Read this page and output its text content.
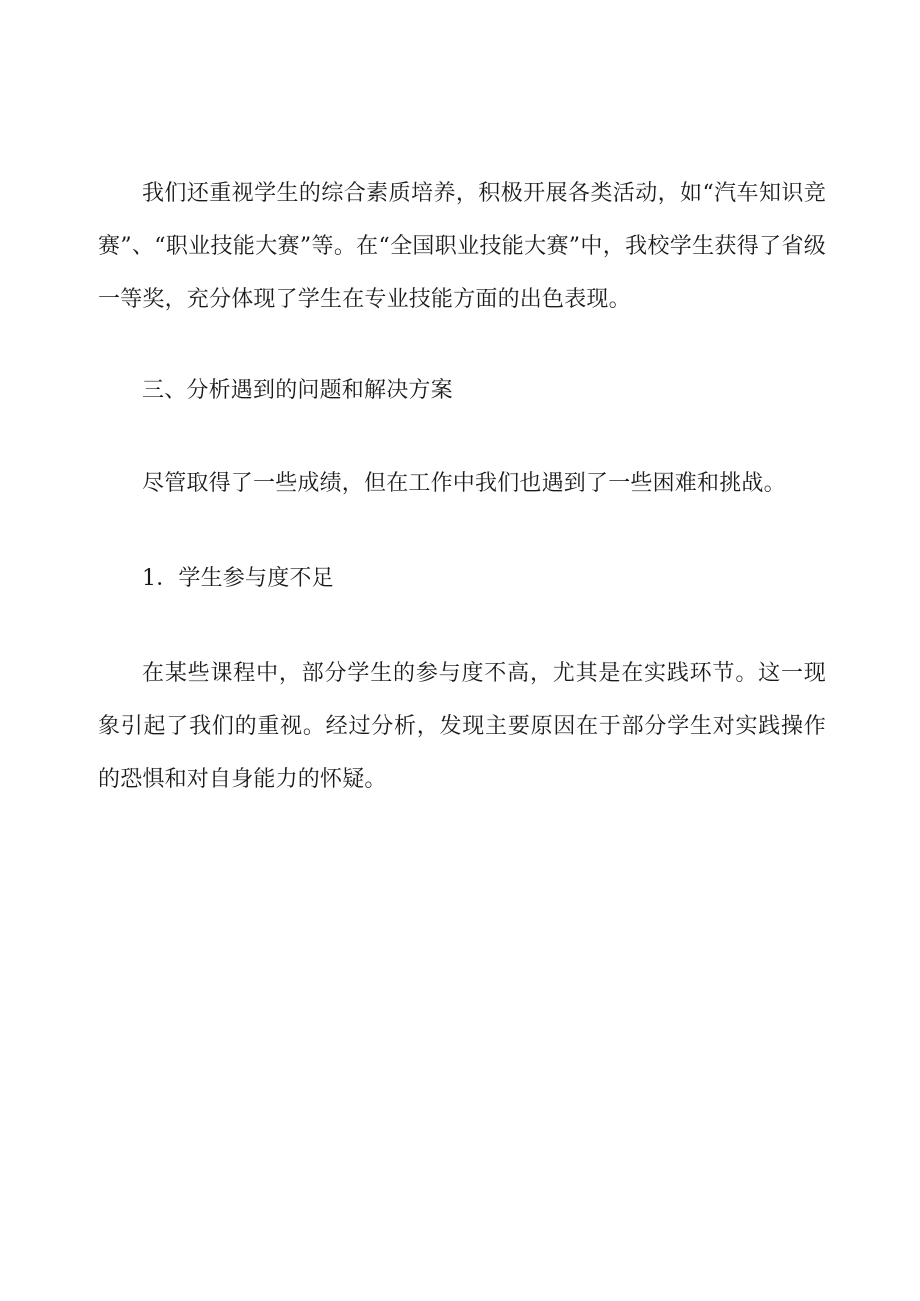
我们还重视学生的综合素质培养，积极开展各类活动，如“汽车知识竞赛”、“职业技能大赛”等。在“全国职业技能大赛”中，我校学生获得了省级一等奖，充分体现了学生在专业技能方面的出色表现。

三、分析遇到的问题和解决方案

尽管取得了一些成绩，但在工作中我们也遇到了一些困难和挑战。

1．学生参与度不足

在某些课程中，部分学生的参与度不高，尤其是在实践环节。这一现象引起了我们的重视。经过分析，发现主要原因在于部分学生对实践操作的恐惧和对自身能力的怀疑。
